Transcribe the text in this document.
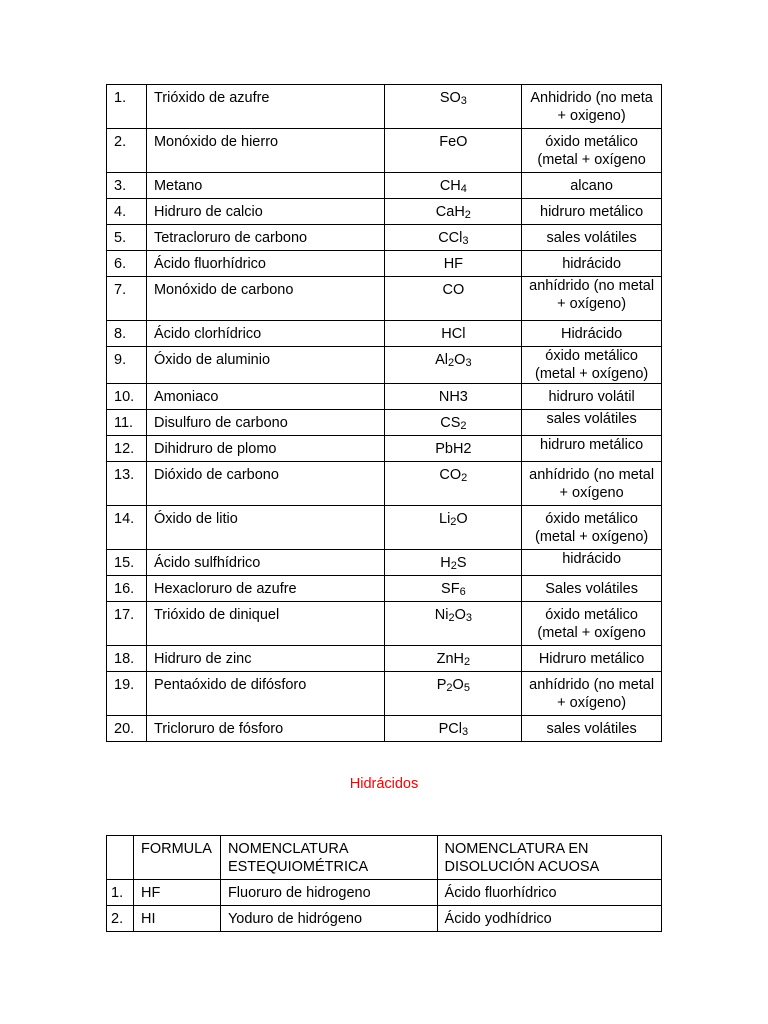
1.	Trióxido de azufre	$SO_3$	Anhidrido (no meta + oxigeno)
2.	Monóxido de hierro	FeO	óxido metálico (metal + oxígeno
3.	Metano	$CH_4$	alcano
4.	Hidruro de calcio	CaH$_2$	hidruro metálico
5.	Tetracloruro de carbono	CCl$_3$	sales volátiles
6.	Ácido fluorhídrico	HF	hidrácido
7.	Monóxido de carbono	CO	anhídrido (no metal + oxígeno)
8.	Ácido clorhídrico	HCl	Hidrácido
9.	Óxido de aluminio	$Al_2O_3$	óxido metálico (metal + oxígeno)
10.	Amoniaco	NH3	hidruro volátil
11.	Disulfuro de carbono	$CS_2$	sales volátiles
12.	Dihidruro de plomo	PbH2	hidruro metálico
13.	Dióxido de carbono	$CO_2$	anhídrido (no metal + oxígeno
14.	Óxido de litio	$Li_2O$	óxido metálico (metal + oxígeno)
15.	Ácido sulfhídrico	$H_2S$	hidrácido
16.	Hexacloruro de azufre	$SF_6$	Sales volátiles
17.	Trióxido de diniquel	$Ni_2O_3$	óxido metálico (metal + oxígeno
18.	Hidruro de zinc	ZnH$_2$	Hidruro metálico
19.	Pentaóxido de difósforo	$P_2O_5$	anhídrido (no metal + oxígeno)
20.	Tricloruro de fósforo	PCl$_3$	sales volátiles
Hidrácidos
	FORMULA	NOMENCLATURA ESTEQUIOMÉTRICA	NOMENCLATURA EN DISOLUCIÓN ACUOSA
1.	HF	Fluoruro de hidrogeno	Ácido fluorhídrico
2.	HI	Yoduro de hidrógeno	Ácido yodhídrico
